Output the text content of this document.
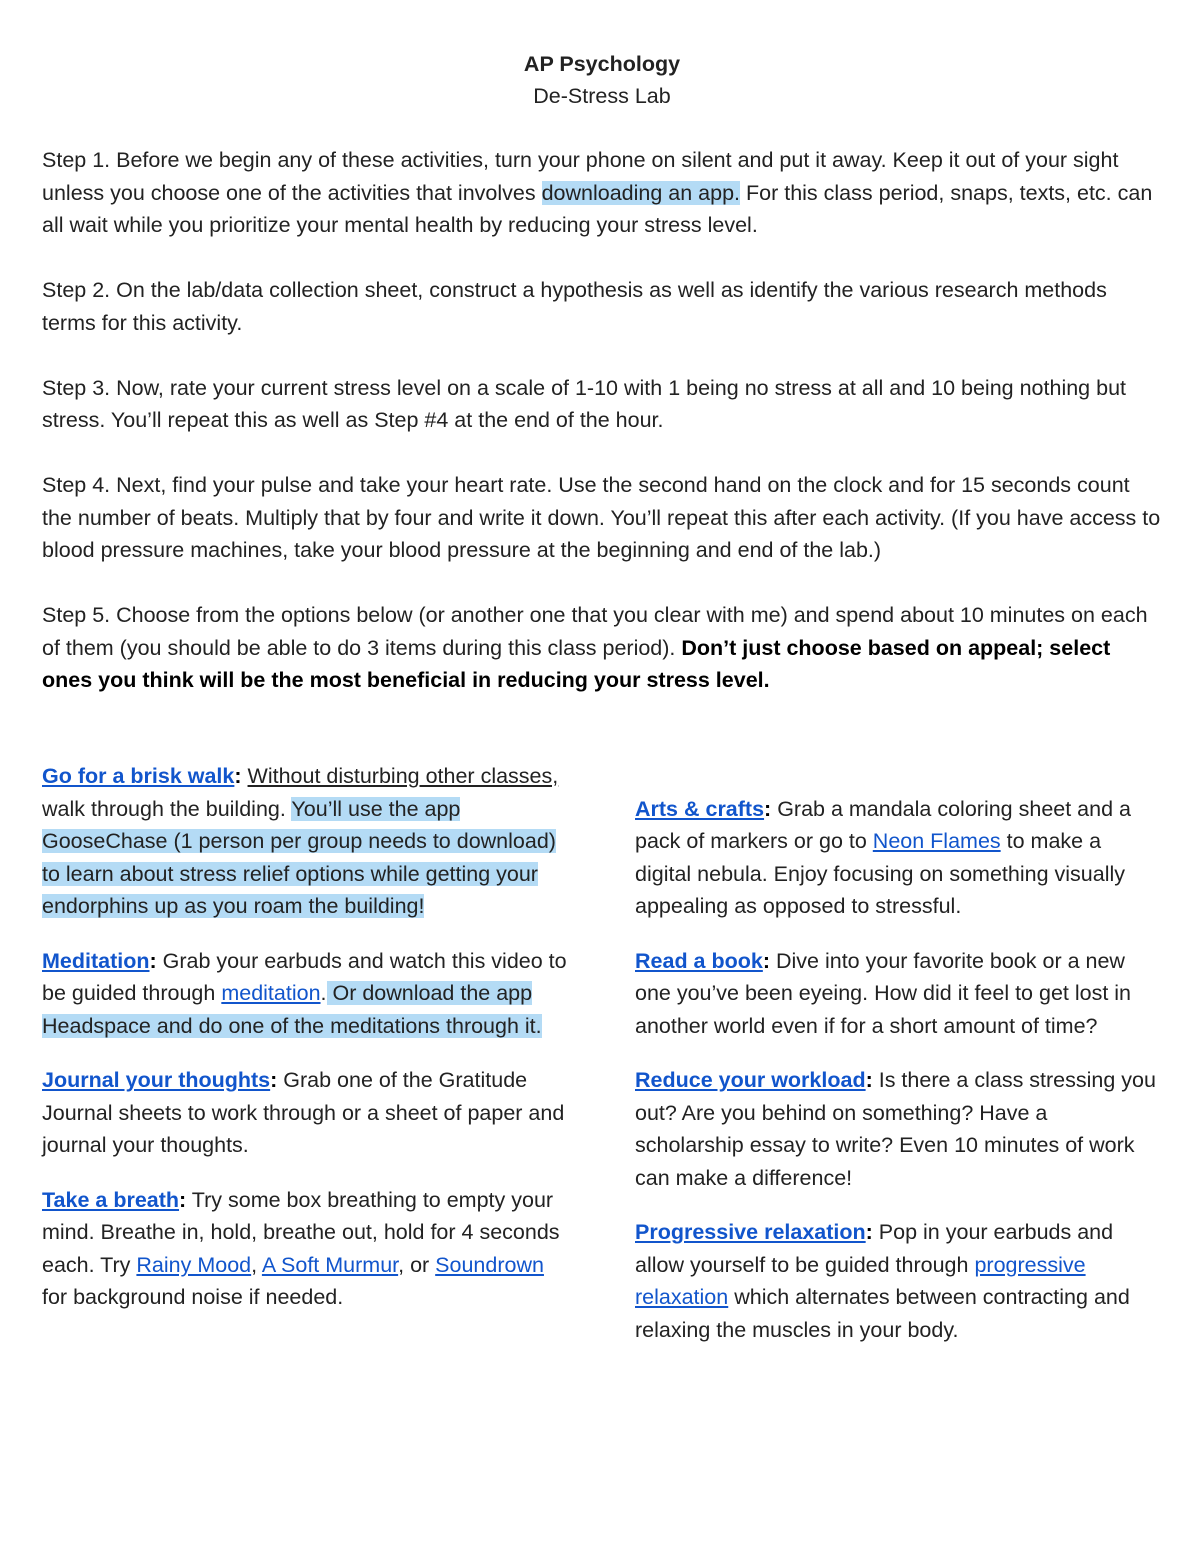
AP Psychology

De-Stress Lab

Step 1. Before we begin any of these activities, turn your phone on silent and put it away. Keep it out of your sight unless you choose one of the activities that involves downloading an app. For this class period, snaps, texts, etc. can all wait while you prioritize your mental health by reducing your stress level.

Step 2. On the lab/data collection sheet, construct a hypothesis as well as identify the various research methods terms for this activity.

Step 3. Now, rate your current stress level on a scale of 1-10 with 1 being no stress at all and 10 being nothing but stress. You’ll repeat this as well as Step #4 at the end of the hour.

Step 4. Next, find your pulse and take your heart rate. Use the second hand on the clock and for 15 seconds count the number of beats. Multiply that by four and write it down. You’ll repeat this after each activity. (If you have access to blood pressure machines, take your blood pressure at the beginning and end of the lab.)

Step 5. Choose from the options below (or another one that you clear with me) and spend about 10 minutes on each of them (you should be able to do 3 items during this class period). Don’t just choose based on appeal; select ones you think will be the most beneficial in reducing your stress level.

Go for a brisk walk: Without disturbing other classes, walk through the building. You’ll use the app GooseChase (1 person per group needs to download) to learn about stress relief options while getting your endorphins up as you roam the building!

Meditation: Grab your earbuds and watch this video to be guided through meditation. Or download the app Headspace and do one of the meditations through it.

Journal your thoughts: Grab one of the Gratitude Journal sheets to work through or a sheet of paper and journal your thoughts.

Take a breath: Try some box breathing to empty your mind. Breathe in, hold, breathe out, hold for 4 seconds each. Try Rainy Mood, A Soft Murmur, or Soundrown for background noise if needed.

Arts & crafts: Grab a mandala coloring sheet and a pack of markers or go to Neon Flames to make a digital nebula. Enjoy focusing on something visually appealing as opposed to stressful.

Read a book: Dive into your favorite book or a new one you’ve been eyeing. How did it feel to get lost in another world even if for a short amount of time?

Reduce your workload: Is there a class stressing you out? Are you behind on something? Have a scholarship essay to write? Even 10 minutes of work can make a difference!

Progressive relaxation: Pop in your earbuds and allow yourself to be guided through progressive relaxation which alternates between contracting and relaxing the muscles in your body.
